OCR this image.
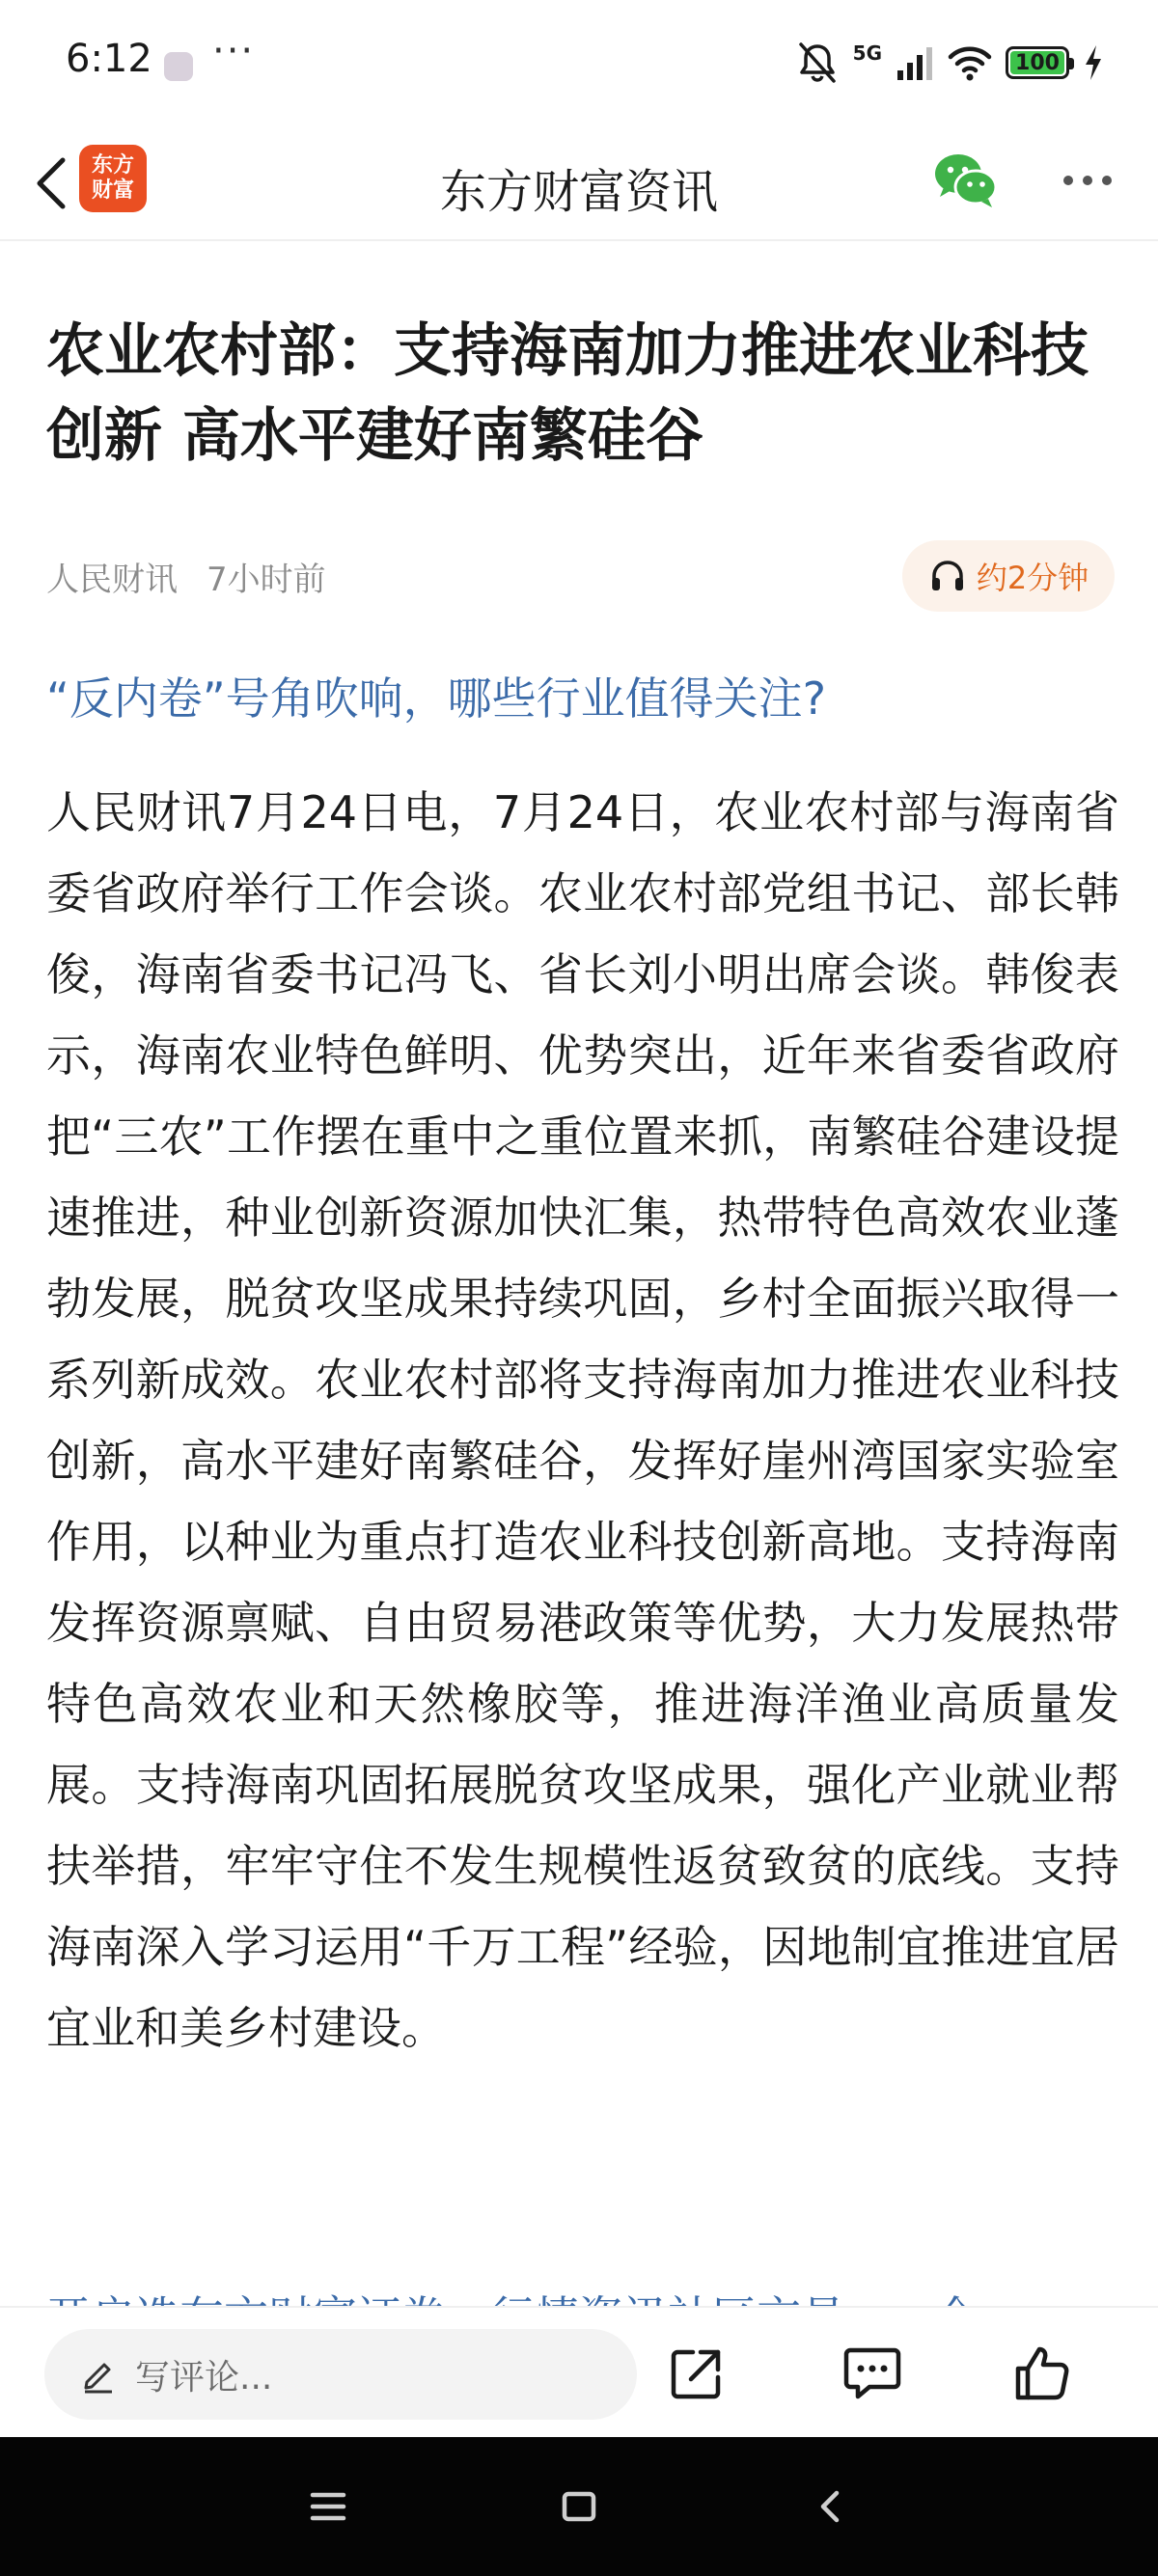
6:12 ···	5G	100
东方
财富	东方财富资讯
农业农村部：支持海南加力推进农业科技创新 高水平建好南繁硅谷
人民财讯 7小时前	约2分钟

“反内卷”号角吹响，哪些行业值得关注?

人民财讯7月24日电，7月24日，农业农村部与海南省委省政府举行工作会谈。农业农村部党组书记、部长韩俊，海南省委书记冯飞、省长刘小明出席会谈。韩俊表示，海南农业特色鲜明、优势突出，近年来省委省政府把“三农”工作摆在重中之重位置来抓，南繁硅谷建设提速推进，种业创新资源加快汇集，热带特色高效农业蓬勃发展，脱贫攻坚成果持续巩固，乡村全面振兴取得一系列新成效。农业农村部将支持海南加力推进农业科技创新，高水平建好南繁硅谷，发挥好崖州湾国家实验室作用，以种业为重点打造农业科技创新高地。支持海南发挥资源禀赋、自由贸易港政策等优势，大力发展热带特色高效农业和天然橡胶等，推进海洋渔业高质量发展。支持海南巩固拓展脱贫攻坚成果，强化产业就业帮扶举措，牢牢守住不发生规模性返贫致贫的底线。支持海南深入学习运用“千万工程”经验，因地制宜推进宜居宜业和美乡村建设。

写评论...
